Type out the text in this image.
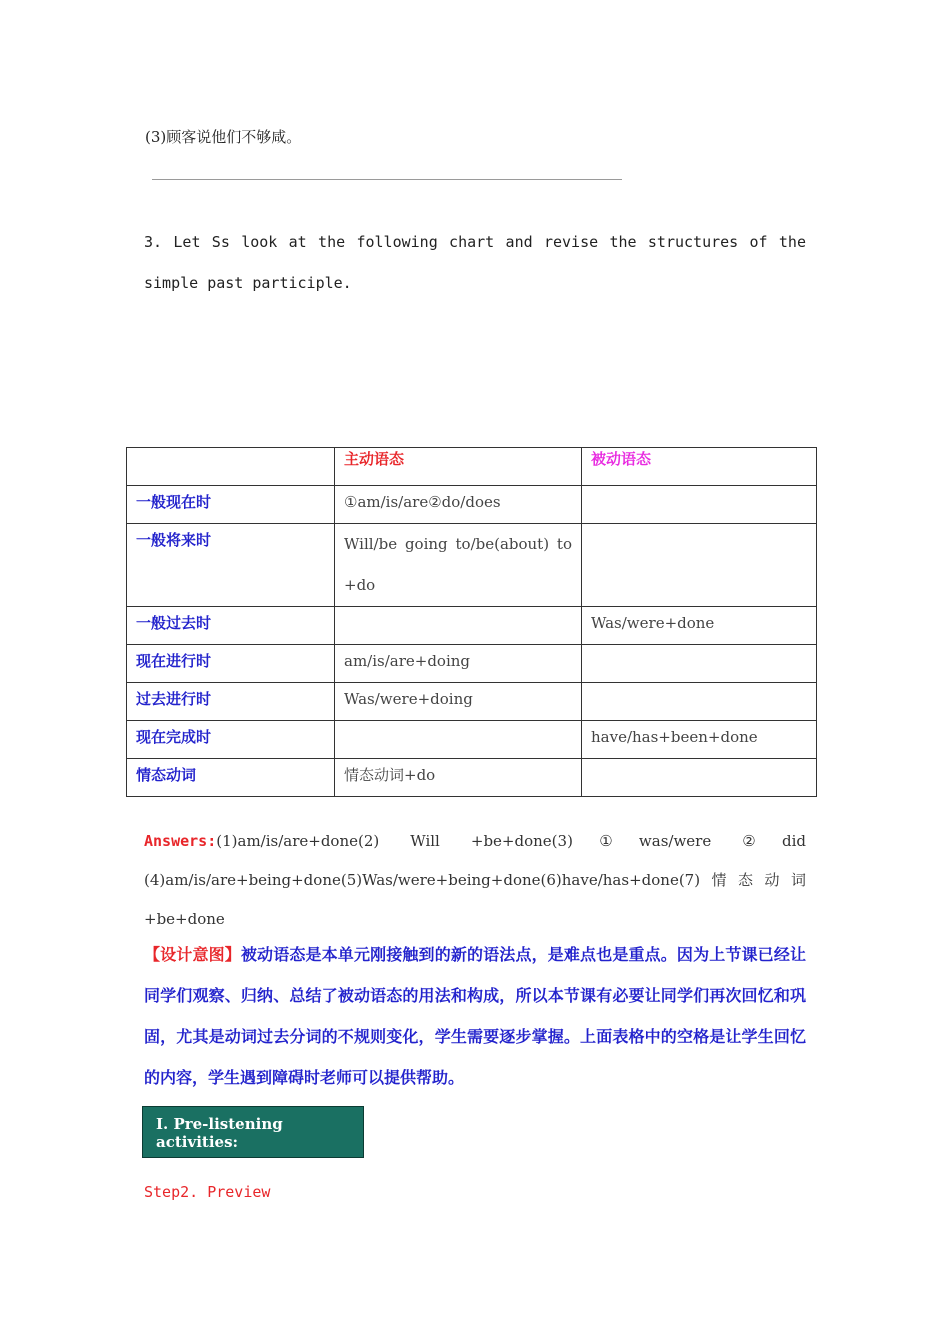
(3)顾客说他们不够咸。
3. Let Ss look at the following chart and revise the structures of the simple past participle.
	主动语态	被动语态
一般现在时	①am/is/are②do/does	
一般将来时	Will/be going to/be(about) to +do	
一般过去时		Was/were+done
现在进行时	am/is/are+doing	
过去进行时	Was/were+doing	
现在完成时		have/has+been+done
情态动词	情态动词+do	
Answers:(1)am/is/are+done(2) Will +be+done(3)①was/were ②did (4)am/is/are+being+done(5)Was/were+being+done(6)have/has+done(7)情态动词+be+done
【设计意图】被动语态是本单元刚接触到的新的语法点，是难点也是重点。因为上节课已经让同学们观察、归纳、总结了被动语态的用法和构成，所以本节课有必要让同学们再次回忆和巩固，尤其是动词过去分词的不规则变化，学生需要逐步掌握。上面表格中的空格是让学生回忆的内容，学生遇到障碍时老师可以提供帮助。
I. Pre-listening activities:
Step2. Preview
